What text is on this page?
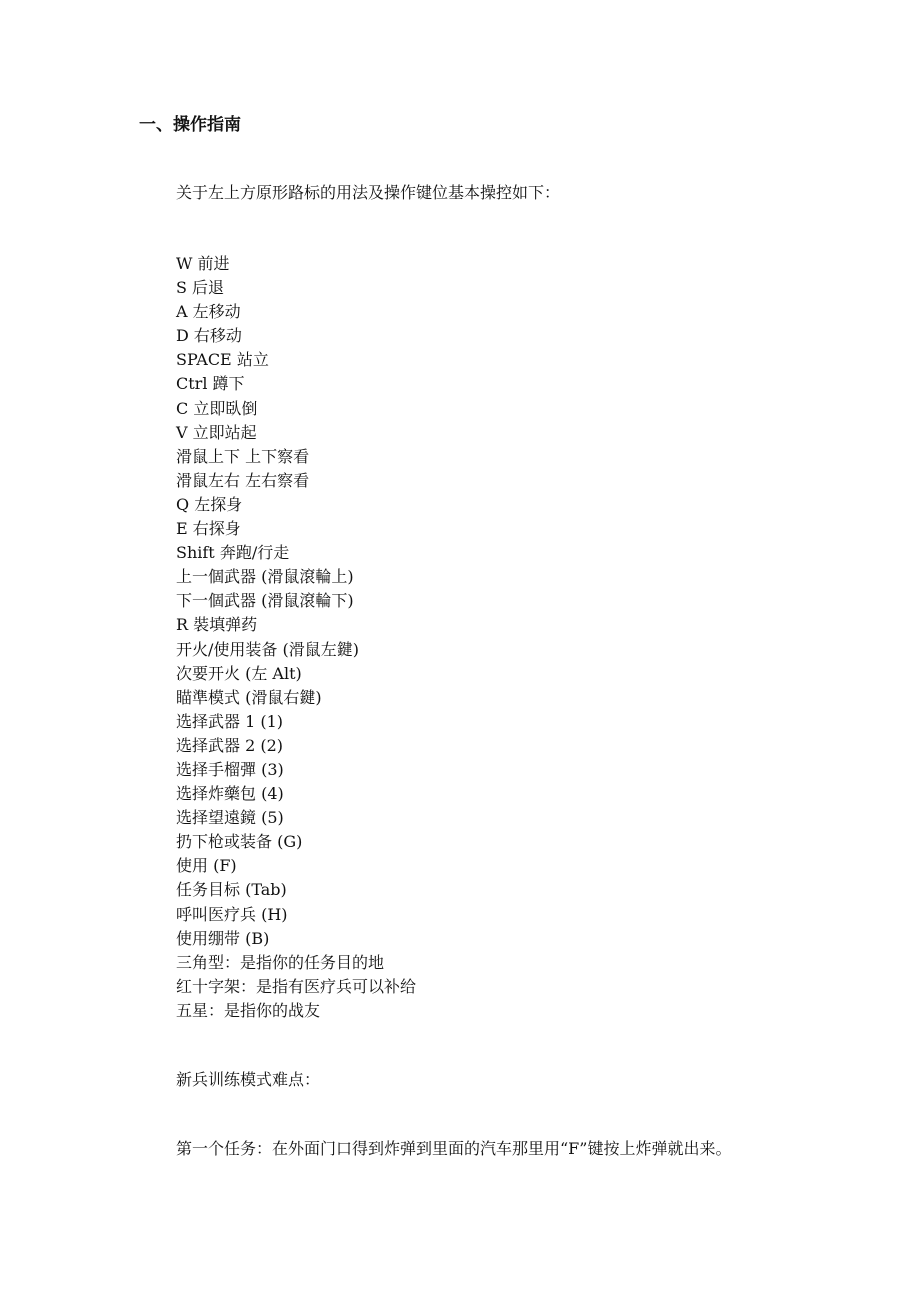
一、操作指南

关于左上方原形路标的用法及操作键位基本操控如下：

W 前进
S 后退
A 左移动
D 右移动
SPACE 站立
Ctrl 蹲下
C 立即臥倒
V 立即站起
滑鼠上下 上下察看
滑鼠左右 左右察看
Q 左探身
E 右探身
Shift 奔跑/行走
上一個武器 (滑鼠滾輪上)
下一個武器 (滑鼠滾輪下)
R 裝填弹药
开火/使用装备 (滑鼠左鍵)
次要开火 (左 Alt)
瞄準模式 (滑鼠右鍵)
选择武器 1 (1)
选择武器 2 (2)
选择手榴彈 (3)
选择炸藥包 (4)
选择望遠鏡 (5)
扔下枪或装备 (G)
使用 (F)
任务目标 (Tab)
呼叫医疗兵 (H)
使用绷带 (B)
三角型：是指你的任务目的地
红十字架：是指有医疗兵可以补给
五星：是指你的战友

新兵训练模式难点：

第一个任务：在外面门口得到炸弹到里面的汽车那里用“F”键按上炸弹就出来。
